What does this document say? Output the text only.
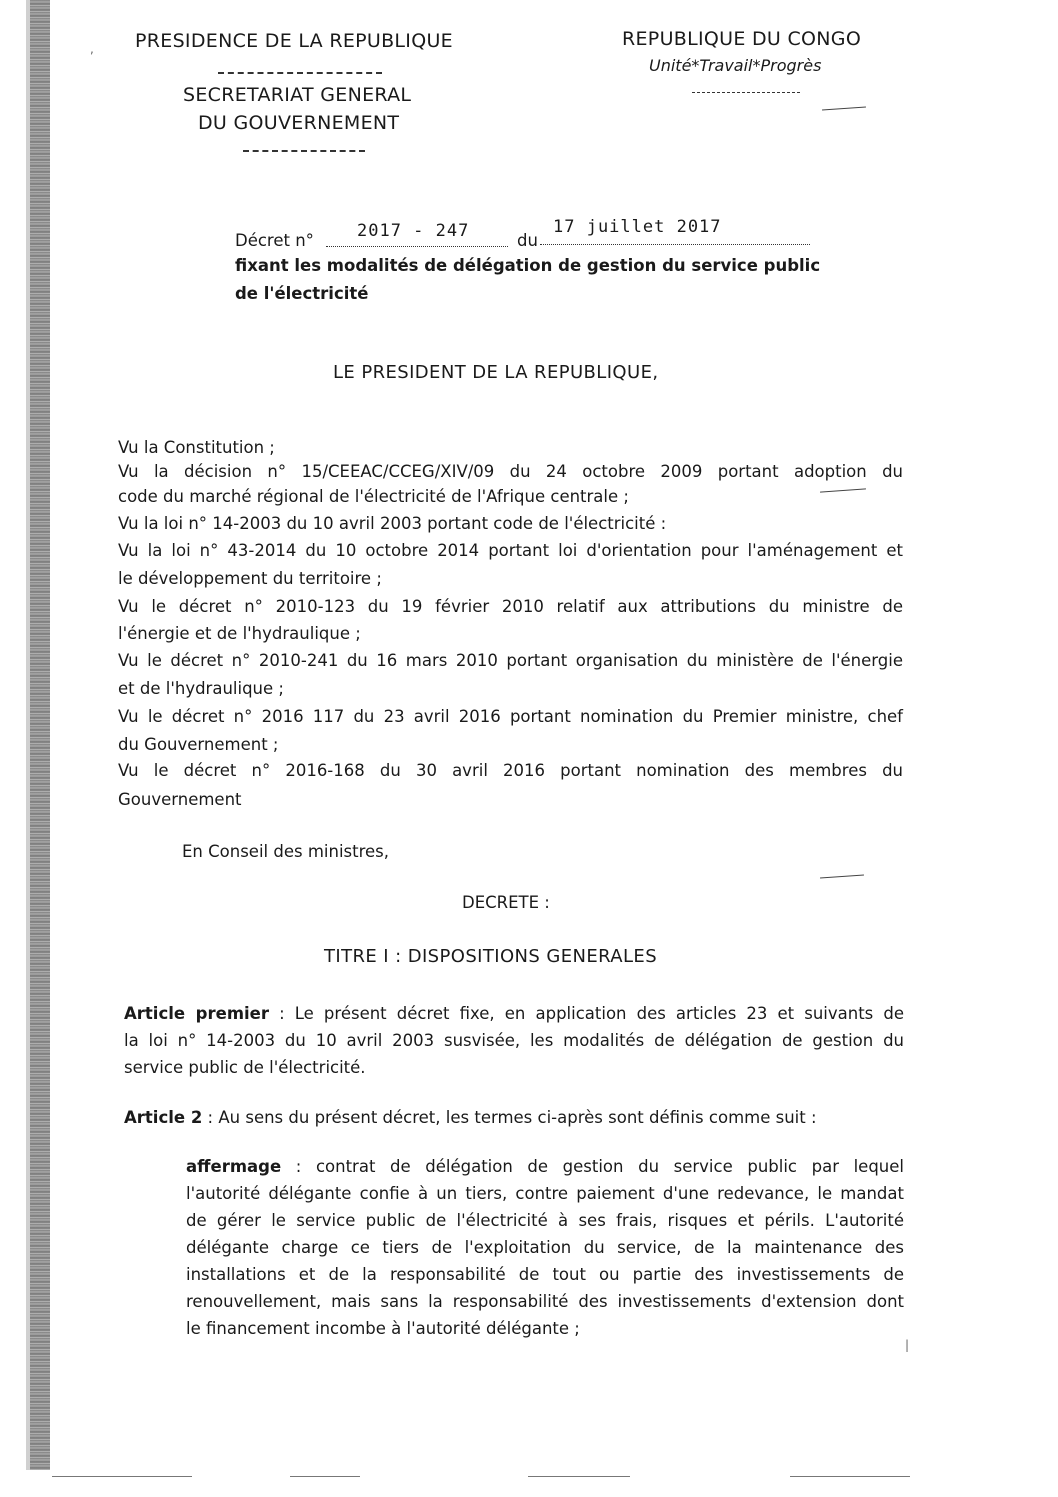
PRESIDENCE DE LA REPUBLIQUE
SECRETARIAT GENERAL
DU GOUVERNEMENT
REPUBLIQUE DU CONGO
Unité*Travail*Progrès
,
Décret n°	2017 - 247	du
17 juillet 2017
fixant les modalités de délégation de gestion du service public
de l'électricité
LE PRESIDENT DE LA REPUBLIQUE,
Vu la Constitution ;
Vu la décision n° 15/CEEAC/CCEG/XIV/09 du 24 octobre 2009 portant adoption du
code du marché régional de l'électricité de l'Afrique centrale ;
Vu la loi n° 14-2003 du 10 avril 2003 portant code de l'électricité :
Vu la loi n° 43-2014 du 10 octobre 2014 portant loi d'orientation pour l'aménagement et
le développement du territoire ;
Vu le décret n° 2010-123 du 19 février 2010 relatif aux attributions du ministre de
l'énergie et de l'hydraulique ;
Vu le décret n° 2010-241 du 16 mars 2010 portant organisation du ministère de l'énergie
et de l'hydraulique ;
Vu le décret n° 2016 117 du 23 avril 2016 portant nomination du Premier ministre, chef
du Gouvernement ;
Vu le décret n° 2016-168 du 30 avril 2016 portant nomination des membres du
Gouvernement
En Conseil des ministres,
DECRETE :
TITRE I : DISPOSITIONS GENERALES
Article premier : Le présent décret fixe, en application des articles 23 et suivants de
la loi n° 14-2003 du 10 avril 2003 susvisée, les modalités de délégation de gestion du
service public de l'électricité.
Article 2 : Au sens du présent décret, les termes ci-après sont définis comme suit :
affermage : contrat de délégation de gestion du service public par lequel
l'autorité délégante confie à un tiers, contre paiement d'une redevance, le mandat
de gérer le service public de l'électricité à ses frais, risques et périls. L'autorité
délégante charge ce tiers de l'exploitation du service, de la maintenance des
installations et de la responsabilité de tout ou partie des investissements de
renouvellement, mais sans la responsabilité des investissements d'extension dont
le financement incombe à l'autorité délégante ;
|
